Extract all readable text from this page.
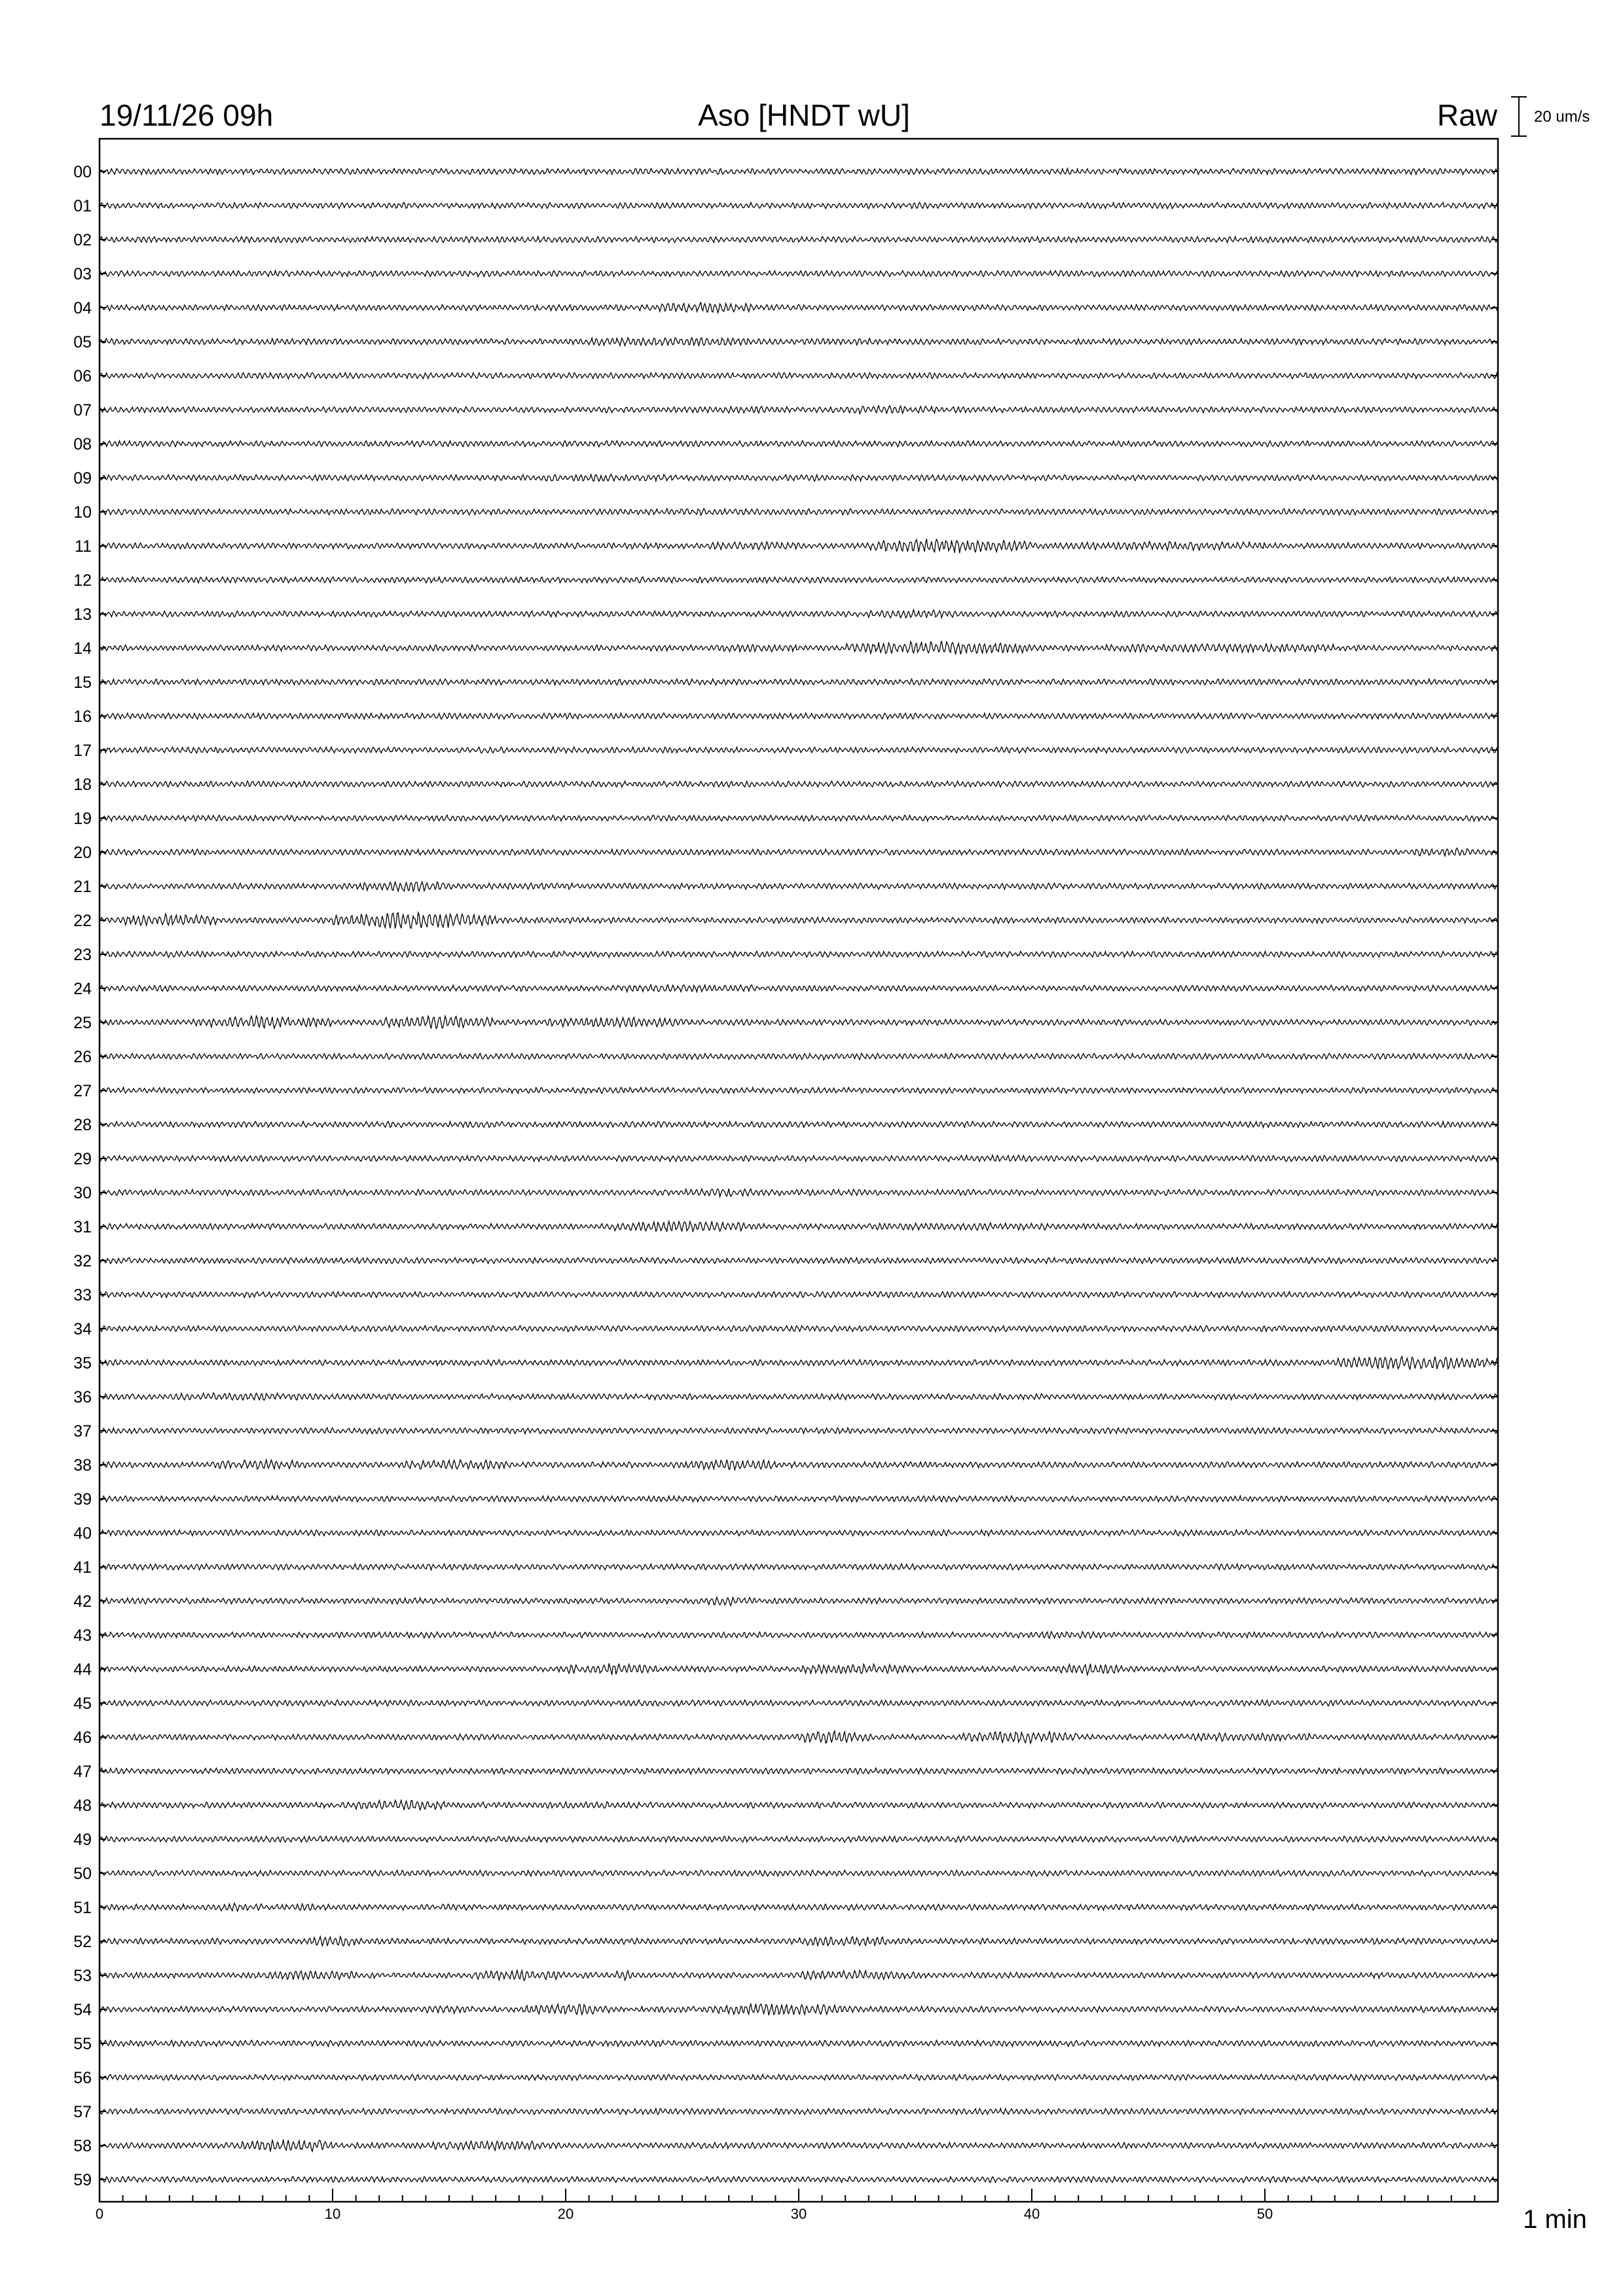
19/11/26 09h	Aso [HNDT wU]	Raw 20 um/s
00
01
02
03
04
05
06
07
08
09
10
11
12
13
14
15
16
17
18
19
20
21
22
23
24
25
26
27
28
29
30
31
32
33
34
35
36
37
38
39
40
41
42
43
44
45
46
47
48
49
50
51
52
53
54
55
56
57
58
59
0	10	20	30	40	50	1 min
